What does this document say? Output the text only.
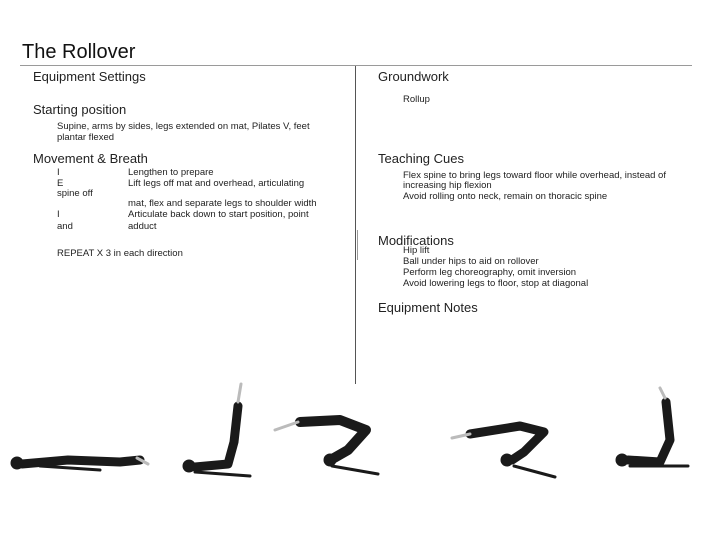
The Rollover
Equipment Settings
Starting position
Supine, arms by sides, legs extended on mat, Pilates V, feet
plantar flexed
Movement & Breath
I
E
spine off
I
and
Lengthen to prepare
Lift legs off mat and overhead, articulating
mat, flex and separate legs to shoulder width
Articulate back down to start position, point
adduct
REPEAT X 3 in each direction
Groundwork
Rollup
Teaching Cues
Flex spine to bring legs toward floor while overhead, instead of
increasing hip flexion
Avoid rolling onto neck, remain on thoracic spine
Modifications
Hip lift
Ball under hips to aid on rollover
Perform leg choreography, omit inversion
Avoid lowering legs to floor, stop at diagonal
Equipment Notes
